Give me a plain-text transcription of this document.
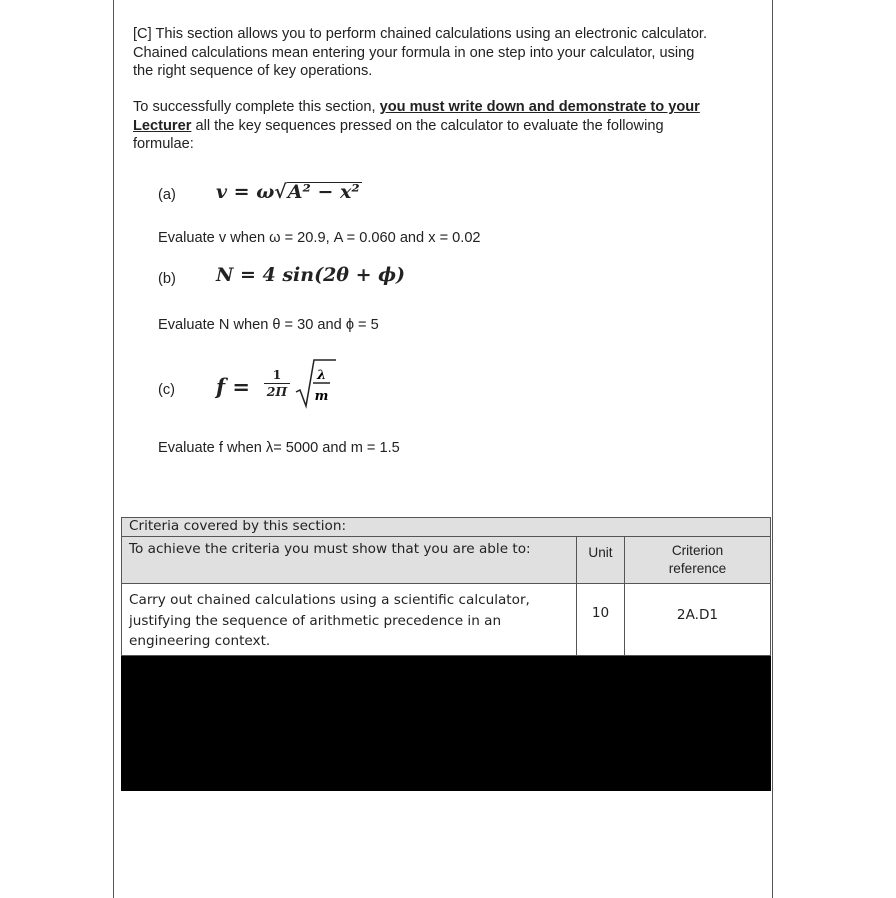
[C] This section allows you to perform chained calculations using an electronic calculator.
Chained calculations mean entering your formula in one step into your calculator, using
the right sequence of key operations.
To successfully complete this section, you must write down and demonstrate to your
Lecturer all the key sequences pressed on the calculator to evaluate the following
formulae:
(a) v = ω√A² − x²
Evaluate v when ω = 20.9, A = 0.060 and x = 0.02
(b) N = 4 sin(2θ + ϕ)
Evaluate N when θ = 30 and ϕ = 5
(c) $f = \frac{1}{2\Pi}$ λ
m
Evaluate f when λ= 5000 and m = 1.5
Criteria covered by this section:		
To achieve the criteria you must show that you are able to:	Unit	Criterion
reference

Carry out chained calculations using a scientific calculator,
justifying the sequence of arithmetic precedence in an
engineering context.	10	2A.D1
